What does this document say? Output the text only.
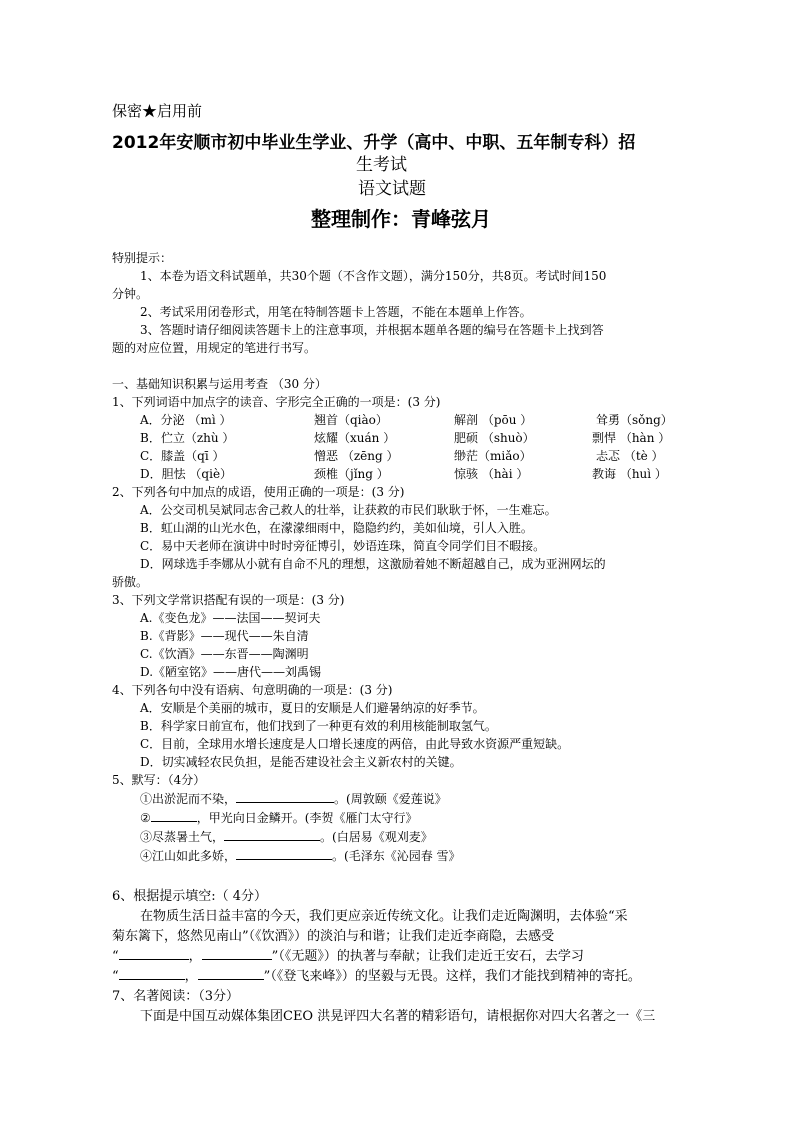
保密★启用前
2012年安顺市初中毕业生学业、升学（高中、中职、五年制专科）招
生考试
语文试题
整理制作：青峰弦月
特别提示：
1、本卷为语文科试题单，共30个题（不含作文题），满分150分，共8页。考试时间150
分钟。
2、考试采用闭卷形式，用笔在特制答题卡上答题，不能在本题单上作答。
3、答题时请仔细阅读答题卡上的注意事项，并根据本题单各题的编号在答题卡上找到答
题的对应位置，用规定的笔进行书写。
一、基础知识积累与运用考查 （30 分）
1、下列词语中加点字的读音、字形完全正确的一项是：(3 分)
A．分泌 （mì ）	翘首（qiào）	解剖 （pōu ）	耸勇（sǒng）
B．伫立（zhù ）	炫耀（xuán ）	肥硕 （shuò）	剽悍 （hàn ）
C．膝盖（qī ）	憎恶 （zēng ）	缈茫（miǎo）	忐忑 （tè ）
D．胆怯 （qiè）	颈椎（jǐng ）	惊骇 （hài ）	教诲 （huì ）
2、下列各句中加点的成语，使用正确的一项是：(3 分)
A．公交司机吴斌同志舍己救人的壮举，让获救的市民们耿耿于怀，一生难忘。
B．虹山湖的山光水色，在濛濛细雨中，隐隐约约，美如仙境，引人入胜。
C．易中天老师在演讲中时时旁征博引，妙语连珠，简直令同学们目不暇接。
D．网球选手李娜从小就有自命不凡的理想，这激励着她不断超越自己，成为亚洲网坛的
骄傲。
3、下列文学常识搭配有误的一项是：(3 分)
A.《变色龙》——法国——契诃夫
B.《背影》——现代——朱自清
C.《饮酒》——东晋——陶渊明
D.《陋室铭》——唐代——刘禹锡
4、下列各句中没有语病、句意明确的一项是：(3 分)
A．安顺是个美丽的城市，夏日的安顺是人们避暑纳凉的好季节。
B．科学家日前宣布，他们找到了一种更有效的利用核能制取氢气。
C．目前，全球用水增长速度是人口增长速度的两倍，由此导致水资源严重短缺。
D．切实减轻农民负担，是能否建设社会主义新农村的关键。
5、默写：（4分）
①出淤泥而不染，	。(周敦颐《爱莲说》
②	，甲光向日金鳞开。(李贺《雁门太守行》
③尽蒸暑土气，	。(白居易《观刈麦》
④江山如此多娇，	。(毛泽东《沁园春 雪》
6、根据提示填空:（ 4分）
在物质生活日益丰富的今天，我们更应亲近传统文化。让我们走近陶渊明，去体验“采
菊东篱下，悠然见南山”（《饮酒》）的淡泊与和谐；让我们走近李商隐，去感受
“	，	”（《无题》）的执著与奉献；让我们走近王安石，去学习
“	，	”（《登飞来峰》）的坚毅与无畏。这样，我们才能找到精神的寄托。
7、名著阅读：（3分）
下面是中国互动媒体集团CEO 洪晃评四大名著的精彩语句，请根据你对四大名著之一《三
